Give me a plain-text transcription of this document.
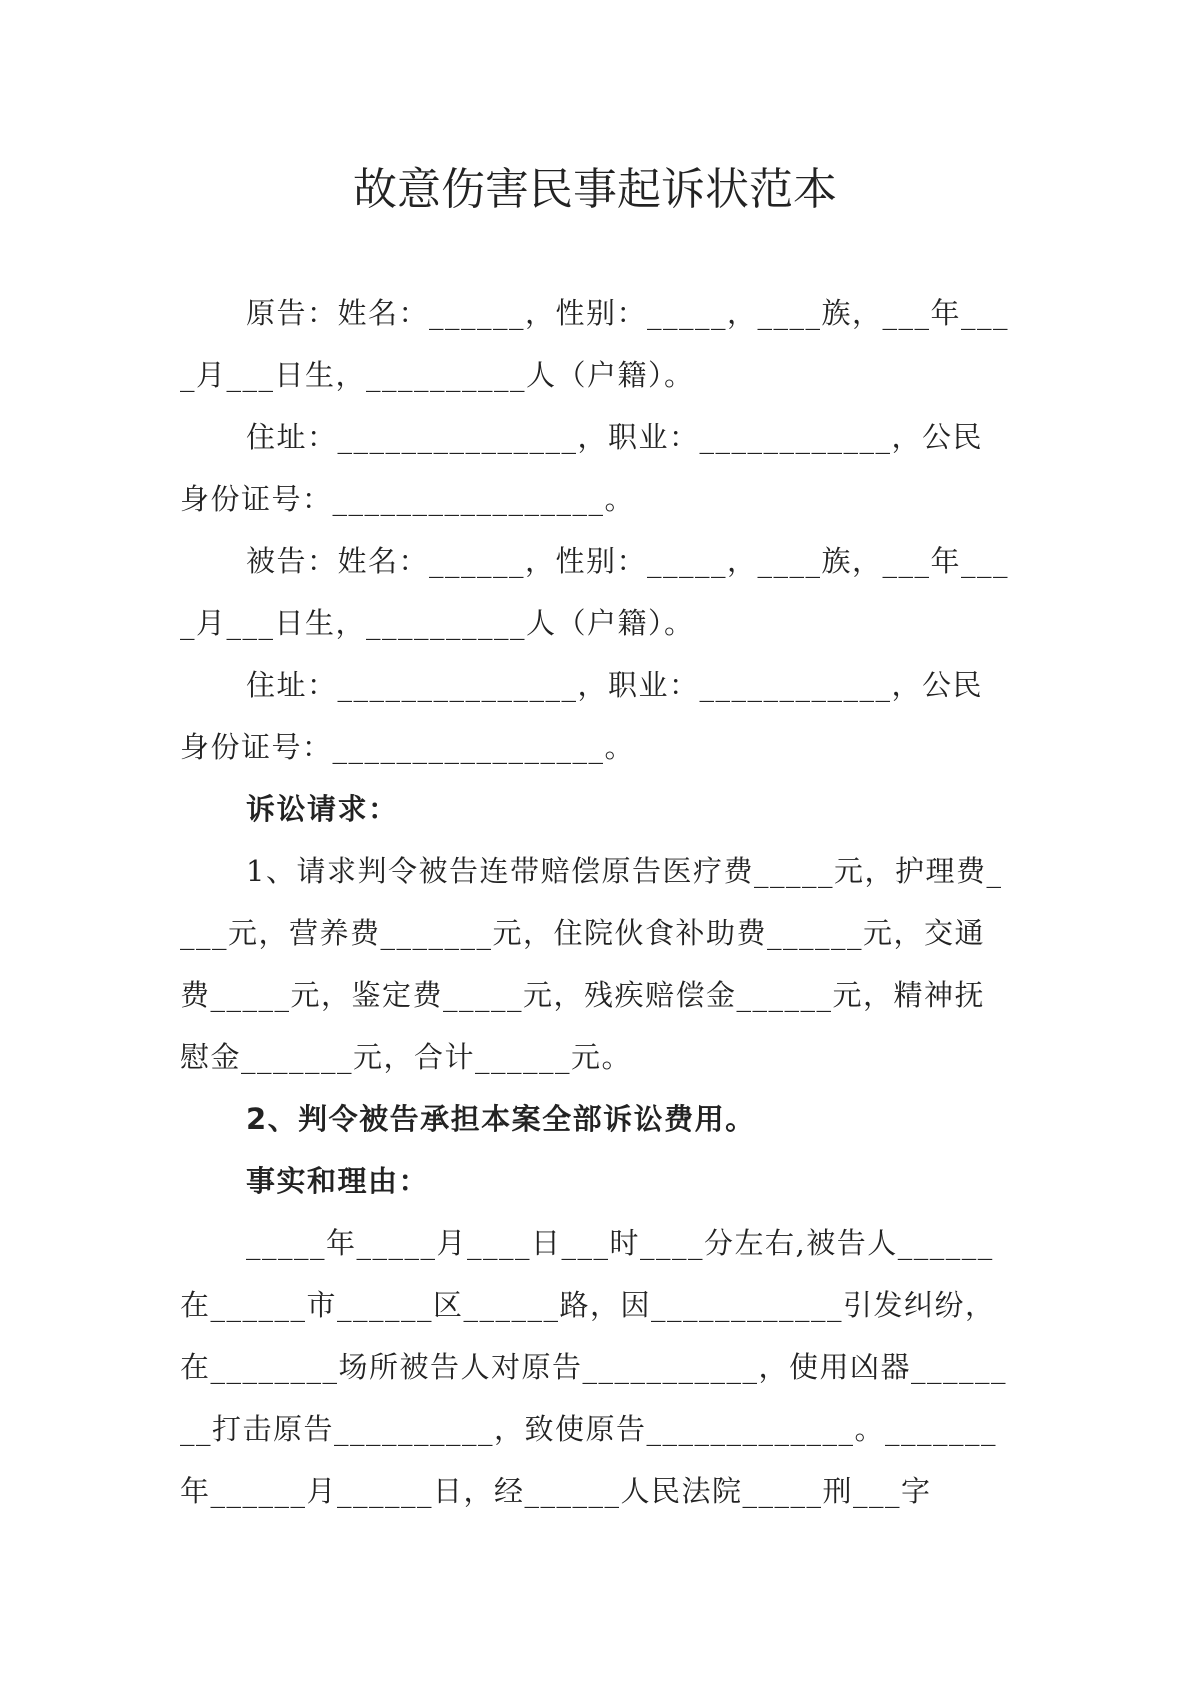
故意伤害民事起诉状范本

原告：姓名：______，性别：_____，____族，___年____月___日生，__________人（户籍）。

住址：_______________，职业：____________，公民身份证号：_________________。

被告：姓名：______，性别：_____，____族，___年____月___日生，__________人（户籍）。

住址：_______________，职业：____________，公民身份证号：_________________。

诉讼请求：

1、请求判令被告连带赔偿原告医疗费_____元，护理费____元，营养费_______元，住院伙食补助费______元，交通费_____元，鉴定费_____元，残疾赔偿金______元，精神抚慰金_______元，合计______元。

2、判令被告承担本案全部诉讼费用。

事实和理由：

_____年_____月____日___时____分左右,被告人______在______市______区______路，因____________引发纠纷，在________场所被告人对原告___________，使用凶器________打击原告__________，致使原告_____________。_______年______月______日，经______人民法院_____刑___字
